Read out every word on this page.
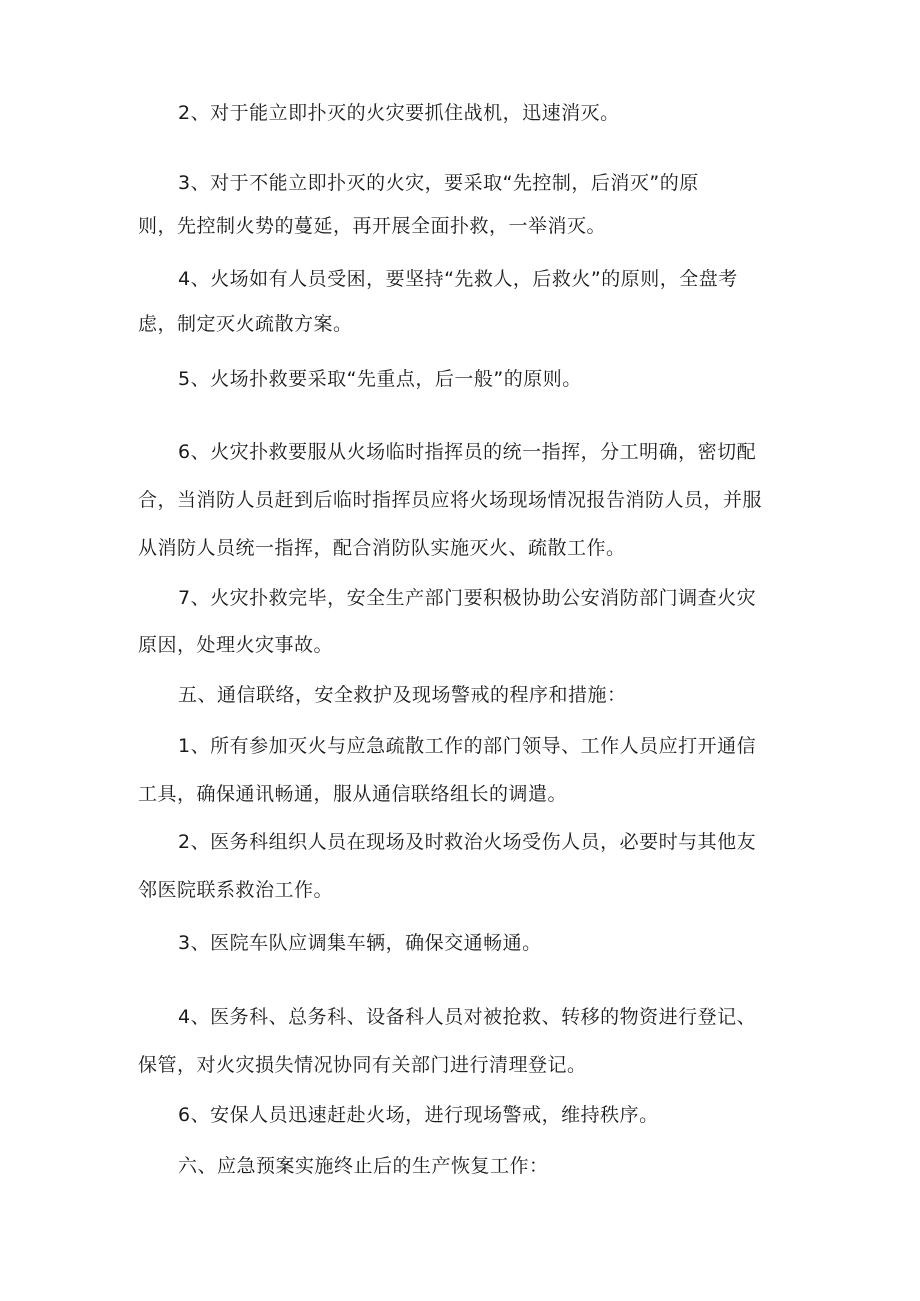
2、对于能立即扑灭的火灾要抓住战机，迅速消灭。
3、对于不能立即扑灭的火灾，要采取“先控制，后消灭”的原
则，先控制火势的蔓延，再开展全面扑救，一举消灭。
4、火场如有人员受困，要坚持“先救人，后救火”的原则，全盘考
虑，制定灭火疏散方案。
5、火场扑救要采取“先重点，后一般”的原则。
6、火灾扑救要服从火场临时指挥员的统一指挥，分工明确，密切配
合，当消防人员赶到后临时指挥员应将火场现场情况报告消防人员，并服
从消防人员统一指挥，配合消防队实施灭火、疏散工作。
7、火灾扑救完毕，安全生产部门要积极协助公安消防部门调查火灾
原因，处理火灾事故。
五、通信联络，安全救护及现场警戒的程序和措施：
1、所有参加灭火与应急疏散工作的部门领导、工作人员应打开通信
工具，确保通讯畅通，服从通信联络组长的调遣。
2、医务科组织人员在现场及时救治火场受伤人员，必要时与其他友
邻医院联系救治工作。
3、医院车队应调集车辆，确保交通畅通。
4、医务科、总务科、设备科人员对被抢救、转移的物资进行登记、
保管，对火灾损失情况协同有关部门进行清理登记。
6、安保人员迅速赶赴火场，进行现场警戒，维持秩序。
六、应急预案实施终止后的生产恢复工作：
